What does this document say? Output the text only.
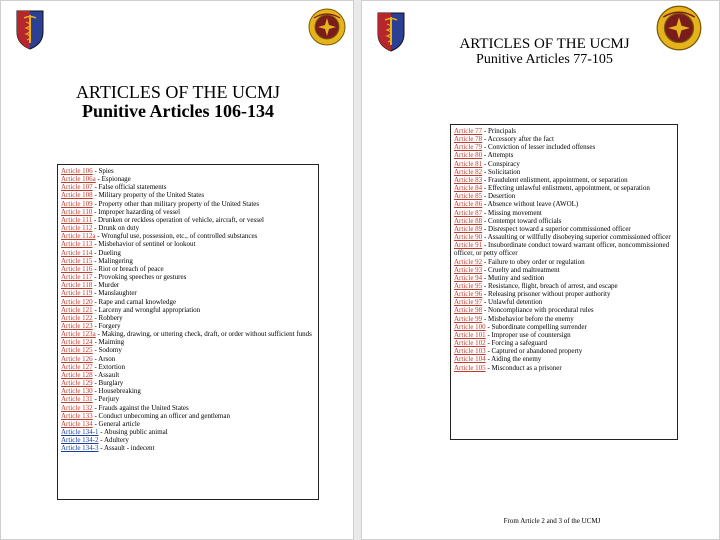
ARTICLES OF THE UCMJ
Punitive Articles 106-134
Article 106 - Spies
Article 106a - Espionage
Article 107 - False official statements
Article 108 - Military property of the United States
Article 109 - Property other than military property of the United States
Article 110 - Improper hazarding of vessel
Article 111 - Drunken or reckless operation of vehicle, aircraft, or vessel
Article 112 - Drunk on duty
Article 112a - Wrongful use, possession, etc., of controlled substances
Article 113 - Misbehavior of sentinel or lookout
Article 114 - Dueling
Article 115 - Malingering
Article 116 - Riot or breach of peace
Article 117 - Provoking speeches or gestures
Article 118 - Murder
Article 119 - Manslaughter
Article 120 - Rape and carnal knowledge
Article 121 - Larceny and wrongful appropriation
Article 122 - Robbery
Article 123 - Forgery
Article 123a - Making, drawing, or uttering check, draft, or order without sufficient funds
Article 124 - Maiming
Article 125 - Sodomy
Article 126 - Arson
Article 127 - Extortion
Article 128 - Assault
Article 129 - Burglary
Article 130 - Housebreaking
Article 131 - Perjury
Article 132 - Frauds against the United States
Article 133 - Conduct unbecoming an officer and gentleman
Article 134 - General article
Article 134-1 - Abusing public animal
Article 134-2 - Adultery
Article 134-3 - Assault - indecent
ARTICLES OF THE UCMJ
Punitive Articles 77-105
Article 77 - Principals
Article 78 - Accessory after the fact
Article 79 - Conviction of lesser included offenses
Article 80 - Attempts
Article 81 - Conspiracy
Article 82 - Solicitation
Article 83 - Fraudulent enlistment, appointment, or separation
Article 84 - Effecting unlawful enlistment, appointment, or separation
Article 85 - Desertion
Article 86 - Absence without leave (AWOL)
Article 87 - Missing movement
Article 88 - Contempt toward officials
Article 89 - Disrespect toward a superior commissioned officer
Article 90 - Assaulting or willfully disobeying superior commissioned officer
Article 91 - Insubordinate conduct toward warrant officer, noncommissioned officer, or petty officer
Article 92 - Failure to obey order or regulation
Article 93 - Cruelty and maltreatment
Article 94 - Mutiny and sedition
Article 95 - Resistance, flight, breach of arrest, and escape
Article 96 - Releasing prisoner without proper authority
Article 97 - Unlawful detention
Article 98 - Noncompliance with procedural rules
Article 99 - Misbehavior before the enemy
Article 100 - Subordinate compelling surrender
Article 101 - Improper use of countersign
Article 102 - Forcing a safeguard
Article 103 - Captured or abandoned property
Article 104 - Aiding the enemy
Article 105 - Misconduct as a prisoner
From Article 2 and 3 of the UCMJ
